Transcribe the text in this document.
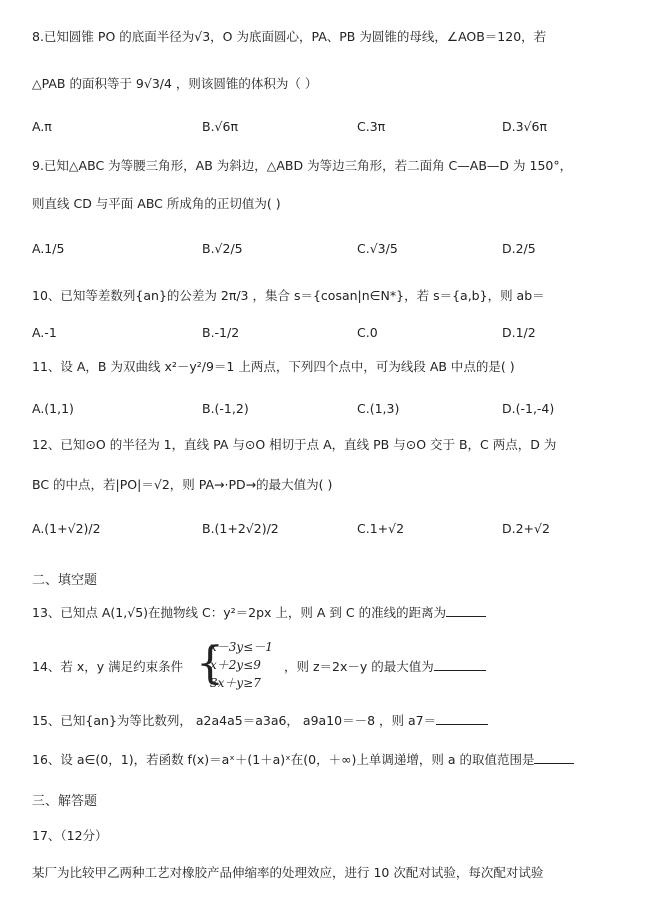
8.已知圆锥 PO 的底面半径为√3，O 为底面圆心，PA、PB 为圆锥的母线，∠AOB＝120，若
△PAB 的面积等于 9√3/4 ，则该圆锥的体积为（ ）
A.π	B.√6π	C.3π	D.3√6π
9.已知△ABC 为等腰三角形，AB 为斜边，△ABD 为等边三角形，若二面角 C—AB—D 为 150°，
则直线 CD 与平面 ABC 所成角的正切值为( )
A.1/5	B.√2/5	C.√3/5	D.2/5
10、已知等差数列{an}的公差为 2π/3 ，集合 s＝{cosan|n∈N*}，若 s＝{a,b}，则 ab＝
A.-1	B.-1/2	C.0	D.1/2
11、设 A，B 为双曲线 x²－y²/9＝1 上两点，下列四个点中，可为线段 AB 中点的是( )
A.(1,1)	B.(-1,2)	C.(1,3)	D.(-1,-4)
12、已知⊙O 的半径为 1，直线 PA 与⊙O 相切于点 A，直线 PB 与⊙O 交于 B，C 两点，D 为
BC 的中点，若|PO|＝√2，则 PA→·PD→的最大值为( )
A.(1+√2)/2	B.(1+2√2)/2	C.1+√2	D.2+√2
二、填空题
13、已知点 A(1,√5)在抛物线 C：y²＝2px 上，则 A 到 C 的准线的距离为
14、若 x，y 满足约束条件 {
x－3y≤－1
x＋2y≤9
3x＋y≥7
，则 z＝2x－y 的最大值为
15、已知{an}为等比数列， a2a4a5＝a3a6， a9a10＝－8 ，则 a7＝
16、设 a∈(0，1)，若函数 f(x)＝aˣ＋(1＋a)ˣ在(0，＋∞)上单调递增，则 a 的取值范围是
三、解答题
17、（12分）
某厂为比较甲乙两种工艺对橡胶产品伸缩率的处理效应，进行 10 次配对试验，每次配对试验
